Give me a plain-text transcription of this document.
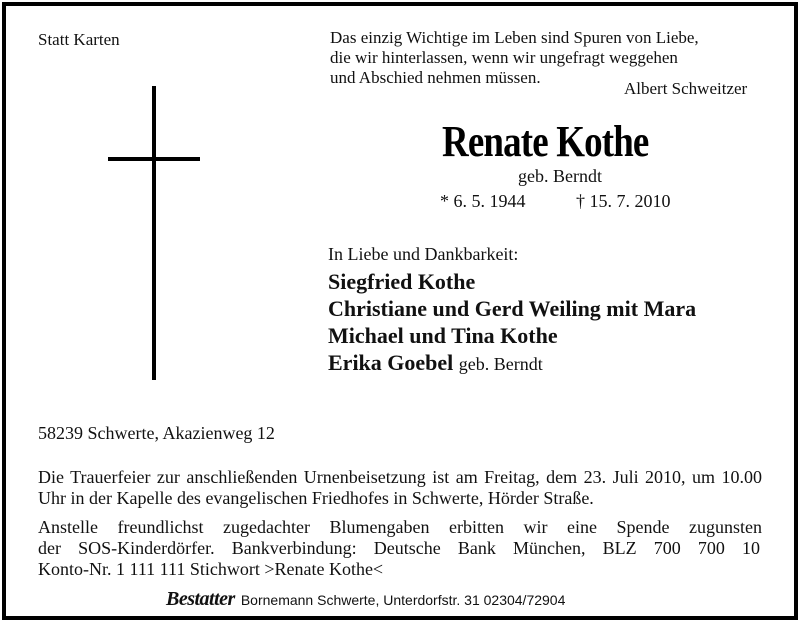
Statt Karten	Das einzig Wichtige im Leben sind Spuren von Liebe,
die wir hinterlassen, wenn wir ungefragt weggehen
und Abschied nehmen müssen.
Albert Schweitzer
Renate Kothe
geb. Berndt
* 6. 5. 1944	† 15. 7. 2010
In Liebe und Dankbarkeit:
Siegfried Kothe
Christiane und Gerd Weiling mit Mara
Michael und Tina Kothe
Erika Goebel geb. Berndt
58239 Schwerte, Akazienweg 12
Die Trauerfeier zur anschließenden Urnenbeisetzung ist am Freitag, dem 23. Juli 2010, um 10.00 Uhr in der Kapelle des evangelischen Friedhofes in Schwerte, Hörder Straße.
Anstelle freundlichst zugedachter Blumengaben erbitten wir eine Spende zugunsten
der SOS-Kinderdörfer. Bankverbindung: Deutsche Bank München, BLZ 700 700 10
Konto-Nr. 1 111 111 Stichwort >Renate Kothe<
Bestatter Bornemann Schwerte, Unterdorfstr. 31 02304/72904
